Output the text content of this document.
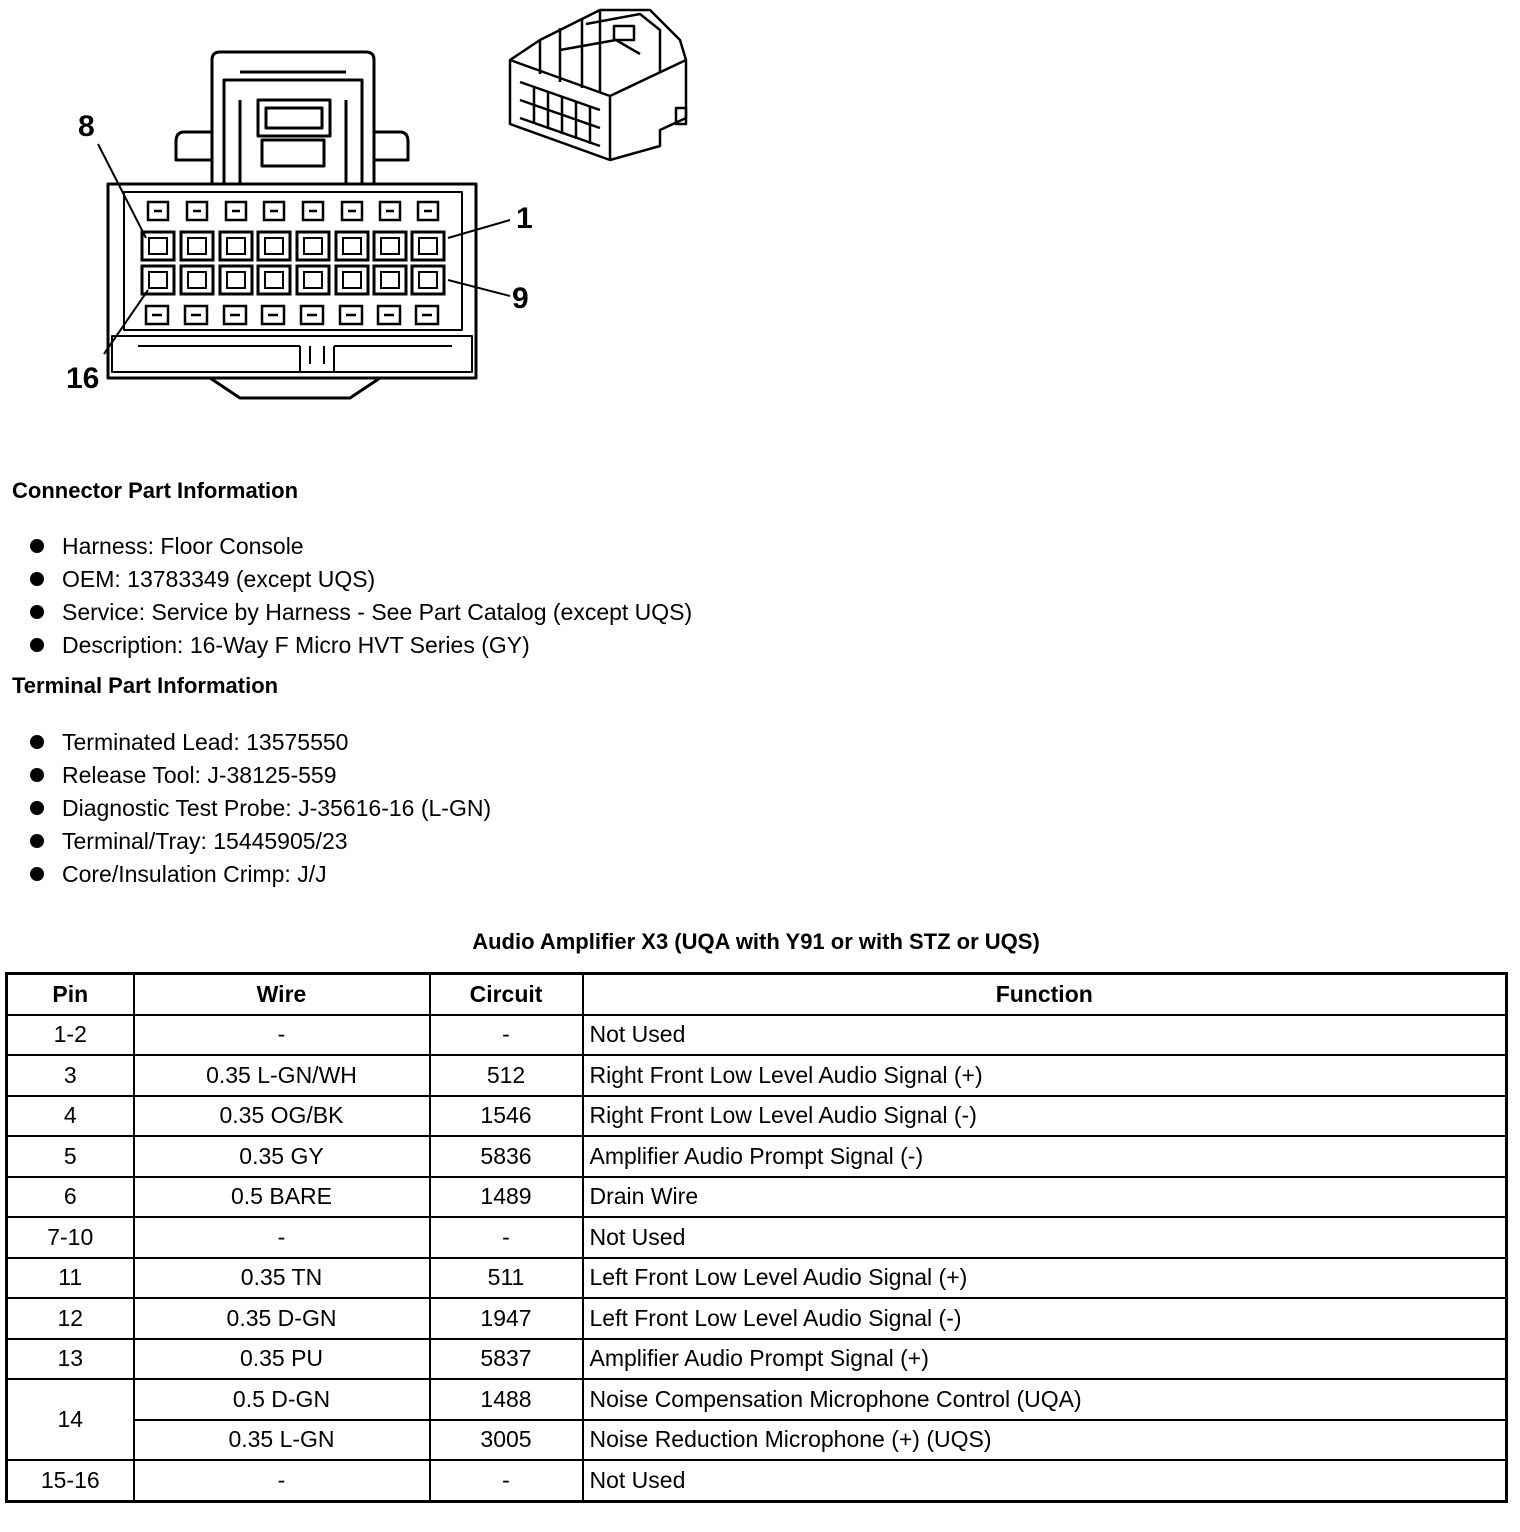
8
1
9
16
Connector Part Information
Harness: Floor Console
OEM: 13783349 (except UQS)
Service: Service by Harness - See Part Catalog (except UQS)
Description: 16-Way F Micro HVT Series (GY)
Terminal Part Information
Terminated Lead: 13575550
Release Tool: J-38125-559
Diagnostic Test Probe: J-35616-16 (L-GN)
Terminal/Tray: 15445905/23
Core/Insulation Crimp: J/J
Audio Amplifier X3 (UQA with Y91 or with STZ or UQS)
Pin	Wire	Circuit	Function
1-2	-	-	Not Used
3	0.35 L-GN/WH	512	Right Front Low Level Audio Signal (+)
4	0.35 OG/BK	1546	Right Front Low Level Audio Signal (-)
5	0.35 GY	5836	Amplifier Audio Prompt Signal (-)
6	0.5 BARE	1489	Drain Wire
7-10	-	-	Not Used
11	0.35 TN	511	Left Front Low Level Audio Signal (+)
12	0.35 D-GN	1947	Left Front Low Level Audio Signal (-)
13	0.35 PU	5837	Amplifier Audio Prompt Signal (+)
14	0.5 D-GN	1488	Noise Compensation Microphone Control (UQA)
	0.35 L-GN	3005	Noise Reduction Microphone (+) (UQS)
15-16	-	-	Not Used
